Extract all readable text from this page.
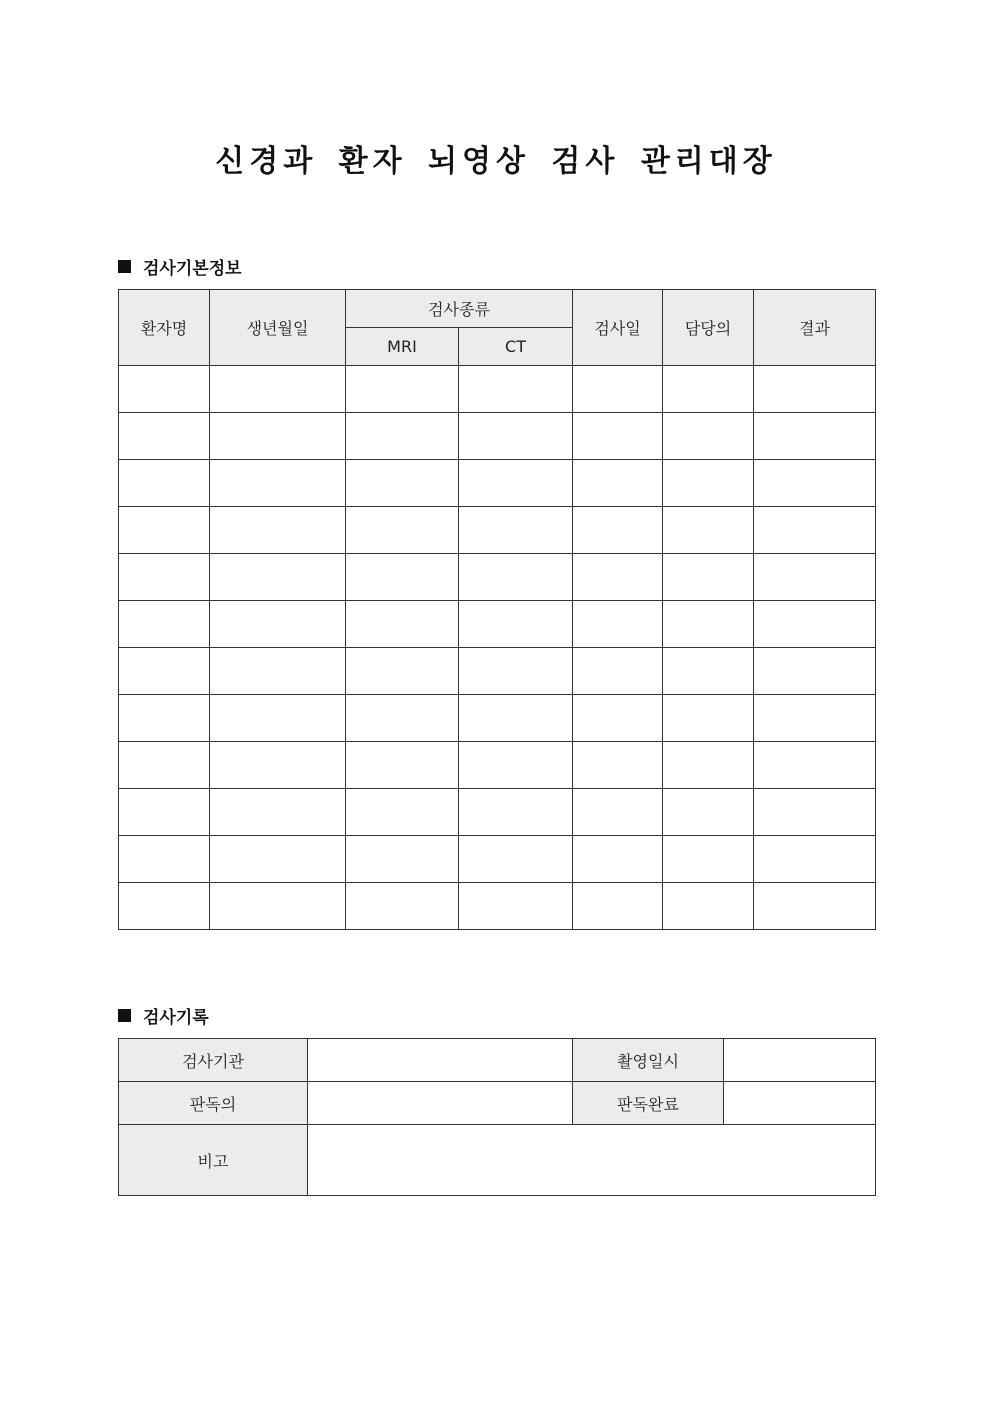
신경과 환자 뇌영상 검사 관리대장
검사기본정보
환자명	생년월일	검사종류		검사일	담당의	결과
		MRI	CT			

검사기록
검사기관		촬영일시	
판독의		판독완료	
비고			
